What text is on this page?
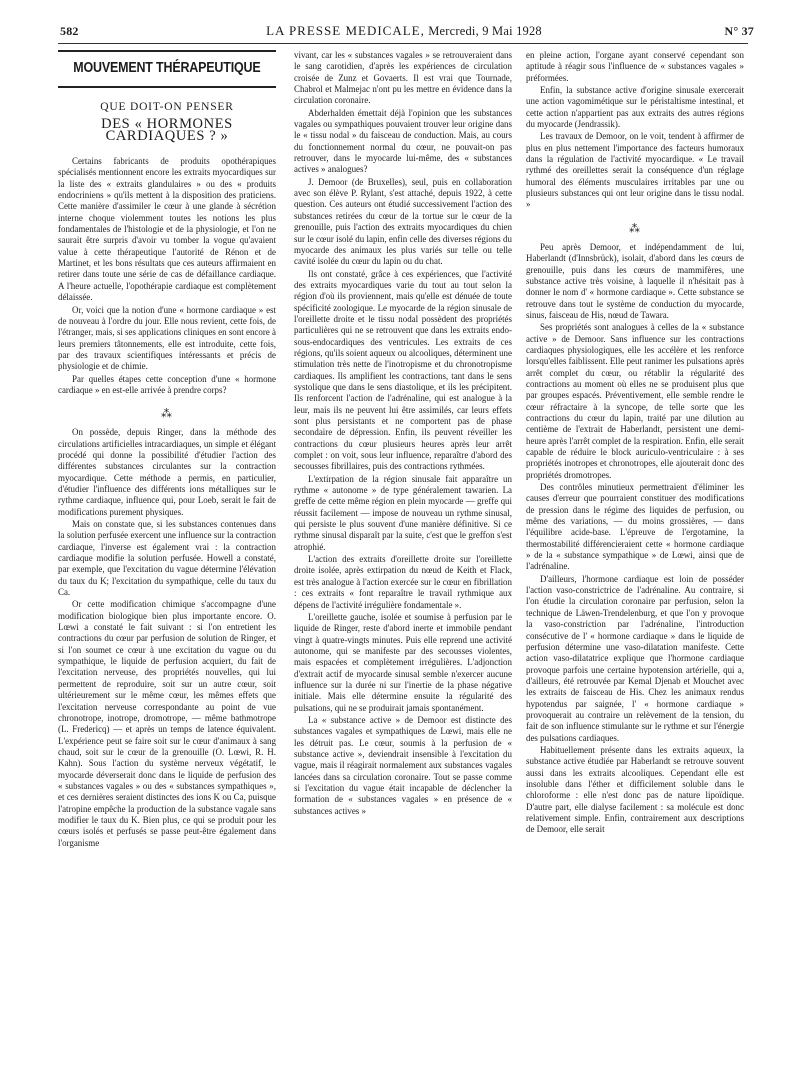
582	LA PRESSE MEDICALE, Mercredi, 9 Mai 1928	N° 37
MOUVEMENT THÉRAPEUTIQUE
QUE DOIT-ON PENSER
DES « HORMONES CARDIAQUES ? »

Certains fabricants de produits opothérapiques spécialisés mentionnent encore les extraits myocardiques sur la liste des « extraits glandulaires » ou des « produits endocriniens » qu'ils mettent à la disposition des praticiens. Cette manière d'assimiler le cœur à une glande à sécrétion interne choque violemment toutes les notions les plus fondamentales de l'histologie et de la physiologie, et l'on ne saurait être surpris d'avoir vu tomber la vogue qu'avaient value à cette thérapeutique l'autorité de Rénon et de Martinet, et les bons résultats que ces auteurs affirmaient en retirer dans toute une série de cas de défaillance cardiaque. A l'heure actuelle, l'opothérapie cardiaque est complètement délaissée.

Or, voici que la notion d'une « hormone cardiaque » est de nouveau à l'ordre du jour. Elle nous revient, cette fois, de l'étranger, mais, si ses applications cliniques en sont encore à leurs premiers tâtonnements, elle est introduite, cette fois, par des travaux scientifiques intéressants et précis de physiologie et de chimie.

Par quelles étapes cette conception d'une « hormone cardiaque » en est-elle arrivée à prendre corps?

⁂

On possède, depuis Ringer, dans la méthode des circulations artificielles intracardiaques, un simple et élégant procédé qui donne la possibilité d'étudier l'action des différentes substances circulantes sur la contraction myocardique. Cette méthode a permis, en particulier, d'étudier l'influence des différents ions métalliques sur le rythme cardiaque, influence qui, pour Loeb, serait le fait de modifications purement physiques.

Mais on constate que, si les substances contenues dans la solution perfusée exercent une influence sur la contraction cardiaque, l'inverse est également vrai : la contraction cardiaque modifie la solution perfusée. Howell a constaté, par exemple, que l'excitation du vague détermine l'élévation du taux du K; l'excitation du sympathique, celle du taux du Ca.

Or cette modification chimique s'accompagne d'une modification biologique bien plus importante encore. O. Lœwi a constaté le fait suivant : si l'on entretient les contractions du cœur par perfusion de solution de Ringer, et si l'on soumet ce cœur à une excitation du vague ou du sympathique, le liquide de perfusion acquiert, du fait de l'excitation nerveuse, des propriétés nouvelles, qui lui permettent de reproduire, soit sur un autre cœur, soit ultérieurement sur le même cœur, les mêmes effets que l'excitation nerveuse correspondante au point de vue chronotrope, inotrope, dromotrope, — même bathmotrope (L. Fredericq) — et après un temps de latence équivalent. L'expérience peut se faire soit sur le cœur d'animaux à sang chaud, soit sur le cœur de la grenouille (O. Lœwi, R. H. Kahn). Sous l'action du système nerveux végétatif, le myocarde déverserait donc dans le liquide de perfusion des « substances vagales » ou des « substances sympathiques », et ces dernières seraient distinctes des ions K ou Ca, puisque l'atropine empêche la production de la substance vagale sans modifier le taux du K. Bien plus, ce qui se produit pour les cœurs isolés et perfusés se passe peut-être également dans l'organisme

vivant, car les « substances vagales » se retrouveraient dans le sang carotidien, d'après les expériences de circulation croisée de Zunz et Govaerts. Il est vrai que Tournade, Chabrol et Malmejac n'ont pu les mettre en évidence dans la circulation coronaire.

Abderhalden émettait déjà l'opinion que les substances vagales ou sympathiques pouvaient trouver leur origine dans le « tissu nodal » du faisceau de conduction. Mais, au cours du fonctionnement normal du cœur, ne pouvait-on pas retrouver, dans le myocarde lui-même, des « substances actives » analogues?

J. Demoor (de Bruxelles), seul, puis en collaboration avec son élève P. Rylant, s'est attaché, depuis 1922, à cette question. Ces auteurs ont étudié successivement l'action des substances retirées du cœur de la tortue sur le cœur de la grenouille, puis l'action des extraits myocardiques du chien sur le cœur isolé du lapin, enfin celle des diverses régions du myocarde des animaux les plus variés sur telle ou telle cavité isolée du cœur du lapin ou du chat.

Ils ont constaté, grâce à ces expériences, que l'activité des extraits myocardiques varie du tout au tout selon la région d'où ils proviennent, mais qu'elle est dénuée de toute spécificité zoologique. Le myocarde de la région sinusale de l'oreillette droite et le tissu nodal possèdent des propriétés particulières qui ne se retrouvent que dans les extraits endo-sous-endocardiques des ventricules. Les extraits de ces régions, qu'ils soient aqueux ou alcooliques, déterminent une stimulation très nette de l'inotropisme et du chronotropisme cardiaques. Ils amplifient les contractions, tant dans le sens systolique que dans le sens diastolique, et ils les précipitent. Ils renforcent l'action de l'adrénaline, qui est analogue à la leur, mais ils ne peuvent lui être assimilés, car leurs effets sont plus persistants et ne comportent pas de phase secondaire de dépression. Enfin, ils peuvent réveiller les contractions du cœur plusieurs heures après leur arrêt complet : on voit, sous leur influence, reparaître d'abord des secousses fibrillaires, puis des contractions rythmées.

L'extirpation de la région sinusale fait apparaître un rythme « autonome » de type généralement tawarien. La greffe de cette même région en plein myocarde — greffe qui réussit facilement — impose de nouveau un rythme sinusal, qui persiste le plus souvent d'une manière définitive. Si ce rythme sinusal disparaît par la suite, c'est que le greffon s'est atrophié.

L'action des extraits d'oreillette droite sur l'oreillette droite isolée, après extirpation du nœud de Keith et Flack, est très analogue à l'action exercée sur le cœur en fibrillation : ces extraits « font reparaître le travail rythmique aux dépens de l'activité irrégulière fondamentale ».

L'oreillette gauche, isolée et soumise à perfusion par le liquide de Ringer, reste d'abord inerte et immobile pendant vingt à quatre-vingts minutes. Puis elle reprend une activité autonome, qui se manifeste par des secousses violentes, mais espacées et complètement irrégulières. L'adjonction d'extrait actif de myocarde sinusal semble n'exercer aucune influence sur la durée ni sur l'inertie de la phase négative initiale. Mais elle détermine ensuite la régularité des pulsations, qui ne se produirait jamais spontanément.

La « substance active » de Demoor est distincte des substances vagales et sympathiques de Lœwi, mais elle ne les détruit pas. Le cœur, soumis à la perfusion de « substance active », deviendrait insensible à l'excitation du vague, mais il réagirait normalement aux substances vagales lancées dans sa circulation coronaire. Tout se passe comme si l'excitation du vague était incapable de déclencher la formation de « substances vagales » en présence de « substances actives »

en pleine action, l'organe ayant conservé cependant son aptitude à réagir sous l'influence de « substances vagales » préformées.

Enfin, la substance active d'origine sinusale exercerait une action vagomimétique sur le péristaltisme intestinal, et cette action n'appartient pas aux extraits des autres régions du myocarde (Jendrassik).

Les travaux de Demoor, on le voit, tendent à affirmer de plus en plus nettement l'importance des facteurs humoraux dans la régulation de l'activité myocardique. « Le travail rythmé des oreillettes serait la conséquence d'un réglage humoral des éléments musculaires irritables par une ou plusieurs substances qui ont leur origine dans le tissu nodal. »

⁂

Peu après Demoor, et indépendamment de lui, Haberlandt (d'Innsbrück), isolait, d'abord dans les cœurs de grenouille, puis dans les cœurs de mammifères, une substance active très voisine, à laquelle il n'hésitait pas à donner le nom d' « hormone cardiaque ». Cette substance se retrouve dans tout le système de conduction du myocarde, sinus, faisceau de His, nœud de Tawara.

Ses propriétés sont analogues à celles de la « substance active » de Demoor. Sans influence sur les contractions cardiaques physiologiques, elle les accélère et les renforce lorsqu'elles faiblissent. Elle peut ranimer les pulsations après arrêt complet du cœur, ou rétablir la régularité des contractions au moment où elles ne se produisent plus que par groupes espacés. Préventivement, elle semble rendre le cœur réfractaire à la syncope, de telle sorte que les contractions du cœur du lapin, traité par une dilution au centième de l'extrait de Haberlandt, persistent une demi-heure après l'arrêt complet de la respiration. Enfin, elle serait capable de réduire le block auriculo-ventriculaire : à ses propriétés inotropes et chronotropes, elle ajouterait donc des propriétés dromotropes.

Des contrôles minutieux permettraient d'éliminer les causes d'erreur que pourraient constituer des modifications de pression dans le régime des liquides de perfusion, ou même des variations, — du moins grossières, — dans l'équilibre acide-base. L'épreuve de l'ergotamine, la thermostabilité différencieraient cette « hormone cardiaque » de la « substance sympathique » de Lœwi, ainsi que de l'adrénaline.

D'ailleurs, l'hormone cardiaque est loin de posséder l'action vaso-constrictrice de l'adrénaline. Au contraire, si l'on étudie la circulation coronaire par perfusion, selon la technique de Läwen-Trendelenburg, et que l'on y provoque la vaso-constriction par l'adrénaline, l'introduction consécutive de l' « hormone cardiaque » dans le liquide de perfusion détermine une vaso-dilatation manifeste. Cette action vaso-dilatatrice explique que l'hormone cardiaque provoque parfois une certaine hypotension artérielle, qui a, d'ailleurs, été retrouvée par Kemal Djenab et Mouchet avec les extraits de faisceau de His. Chez les animaux rendus hypotendus par saignée, l' « hormone cardiaque » provoquerait au contraire un relèvement de la tension, du fait de son influence stimulante sur le rythme et sur l'énergie des pulsations cardiaques.

Habituellement présente dans les extraits aqueux, la substance active étudiée par Haberlandt se retrouve souvent aussi dans les extraits alcooliques. Cependant elle est insoluble dans l'éther et difficilement soluble dans le chloroforme : elle n'est donc pas de nature lipoïdique. D'autre part, elle dialyse facilement : sa molécule est donc relativement simple. Enfin, contrairement aux descriptions de Demoor, elle serait
